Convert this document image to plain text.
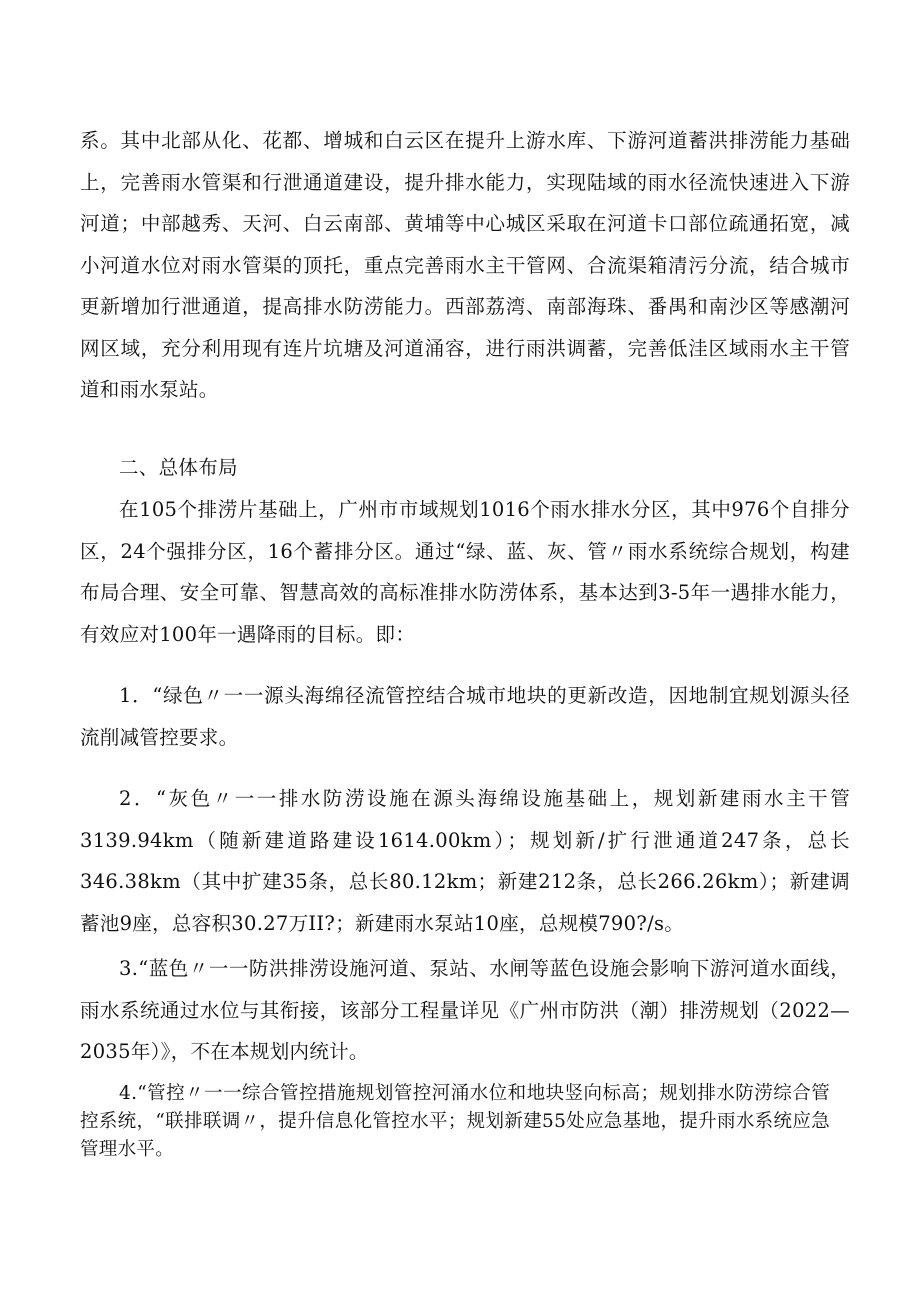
系。其中北部从化、花都、增城和白云区在提升上游水库、下游河道蓄洪排涝能力基础上，完善雨水管渠和行泄通道建设，提升排水能力，实现陆域的雨水径流快速进入下游河道；中部越秀、天河、白云南部、黄埔等中心城区采取在河道卡口部位疏通拓宽，减小河道水位对雨水管渠的顶托，重点完善雨水主干管网、合流渠箱清污分流，结合城市更新增加行泄通道，提高排水防涝能力。西部荔湾、南部海珠、番禺和南沙区等感潮河网区域，充分利用现有连片坑塘及河道涌容，进行雨洪调蓄，完善低洼区域雨水主干管道和雨水泵站。

二、总体布局

在105个排涝片基础上，广州市市域规划1016个雨水排水分区，其中976个自排分区，24个强排分区，16个蓄排分区。通过“绿、蓝、灰、管〃雨水系统综合规划，构建布局合理、安全可靠、智慧高效的高标准排水防涝体系，基本达到3-5年一遇排水能力，有效应对100年一遇降雨的目标。即：

1．“绿色〃一一源头海绵径流管控结合城市地块的更新改造，因地制宜规划源头径流削减管控要求。

2．“灰色〃一一排水防涝设施在源头海绵设施基础上，规划新建雨水主干管3139.94km（随新建道路建设1614.00km）；规划新/扩行泄通道247条，总长346.38km（其中扩建35条，总长80.12km；新建212条，总长266.26km）；新建调蓄池9座，总容积30.27万II?；新建雨水泵站10座，总规模790?/s。

3.“蓝色〃一一防洪排涝设施河道、泵站、水闸等蓝色设施会影响下游河道水面线，雨水系统通过水位与其衔接，该部分工程量详见《广州市防洪（潮）排涝规划（2022—2035年）》，不在本规划内统计。

4.“管控〃一一综合管控措施规划管控河涌水位和地块竖向标高；规划排水防涝综合管控系统，“联排联调〃，提升信息化管控水平；规划新建55处应急基地，提升雨水系统应急管理水平。
